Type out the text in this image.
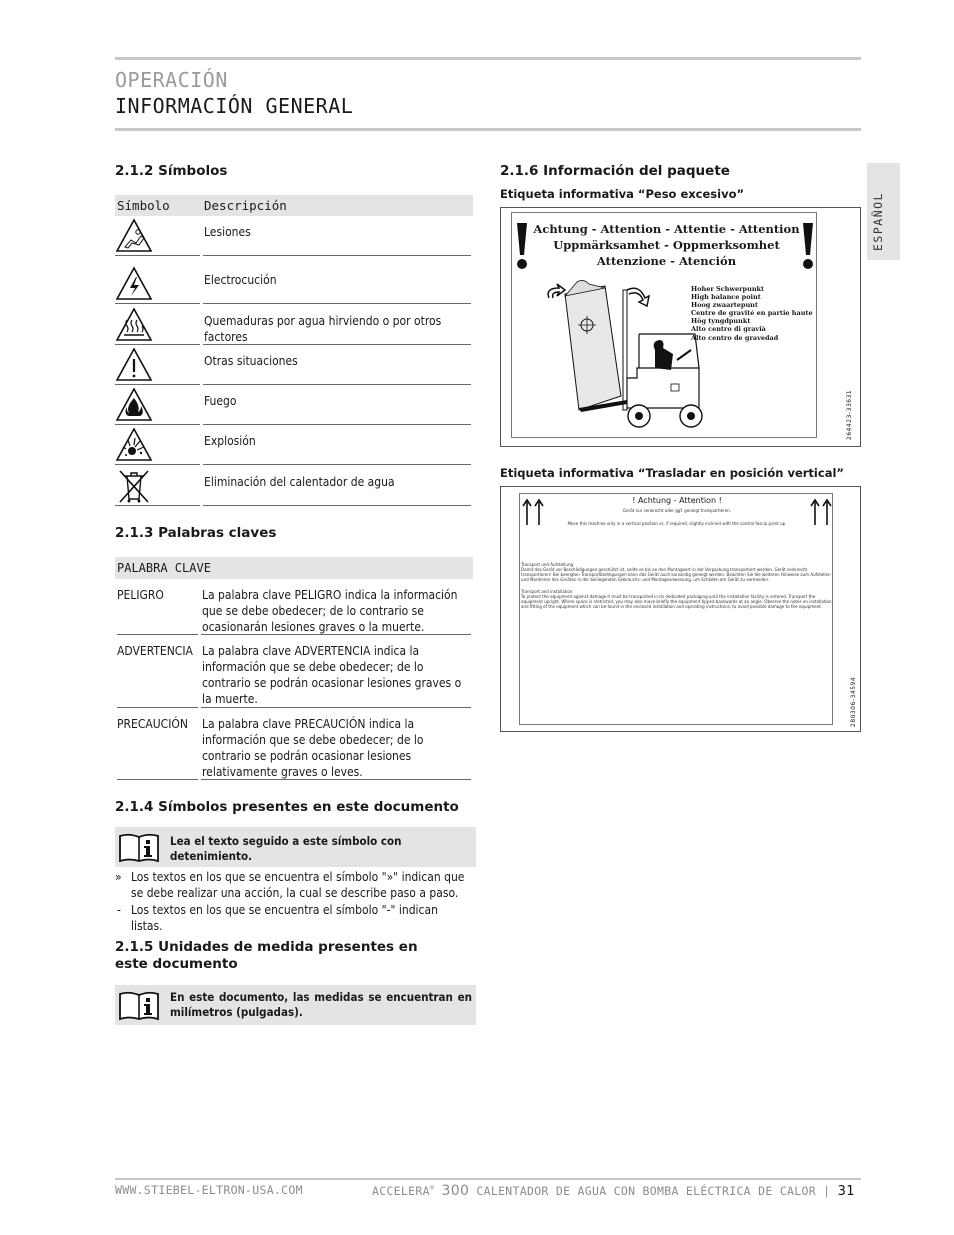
OPERACIÓN
INFORMACIÓN GENERAL
ESPAÑOL
2.1.2 Símbolos
Símbolo	Descripción
Lesiones
Electrocución
Quemaduras por agua hirviendo o por otros factores
Otras situaciones
Fuego
Explosión
Eliminación del calentador de agua
2.1.3 Palabras claves
PALABRA CLAVE
PELIGRO	La palabra clave PELIGRO indica la información que se debe obedecer; de lo contrario se ocasionarán lesiones graves o la muerte.
ADVERTENCIA La palabra clave ADVERTENCIA indica la información que se debe obedecer; de lo contrario se podrán ocasionar lesiones graves o la muerte.
PRECAUCIÓN La palabra clave PRECAUCIÓN indica la información que se debe obedecer; de lo contrario se podrán ocasionar lesiones relativamente graves o leves.
2.1.4 Símbolos presentes en este documento
Lea el texto seguido a este símbolo con detenimiento.
» Los textos en los que se encuentra el símbolo "»" indican que se debe realizar una acción, la cual se describe paso a paso.
- Los textos en los que se encuentra el símbolo "-" indican listas.
2.1.5 Unidades de medida presentes en este documento
En este documento, las medidas se encuentran en milímetros (pulgadas).
2.1.6 Información del paquete
Etiqueta informativa “Peso excesivo”
Achtung - Attention - Attentie - Attention
Uppmärksamhet - Oppmerksomhet
Attenzione - Atención
Hoher Schwerpunkt
High balance point
Hoog zwaartepunt
Centre de gravité en partie haute
Hög tyngdpunkt
Alto centro di gravià
Alto centro de gravedad
264423-33631
Etiqueta informativa “Trasladar en posición vertical”
! Achtung - Attention !
Gerät nur senkrecht oder ggf. geneigt transportieren.
Move this machine only in a vertical position or, if required, slightly inclined with the control fascia point up.
Transport und Aufstellung
Damit das Gerät vor Beschädigungen geschützt ist, sollte es bis an den Montageort in der Verpackung transportiert werden. Gerät senkrecht transportieren! Bei beengten Transportbedingungen kann das Gerät auch kurzzeitig geneigt werden. Beachten Sie die weiteren Hinweise zum Aufstellen und Montieren des Gerätes in der beiliegenden Gebrauchs- und Montageanweisung, um Schäden am Gerät zu vermeiden.
Transport and installation
To protect the equipment against damage it must be transported in its dedicated packaging until the installation facility is entered. Transport the equipment upright. Where space is restricted, you may also move briefly the equipment tipped backwards at an angle. Observe the notes on installation and fitting of the equipment which can be found in the enclosed installation and operating instructions, to avoid possible damage to the equipment.
280306-34594
WWW.STIEBEL-ELTRON-USA.COM	ACCELERA® 300 CALENTADOR DE AGUA CON BOMBA ELÉCTRICA DE CALOR | 31
